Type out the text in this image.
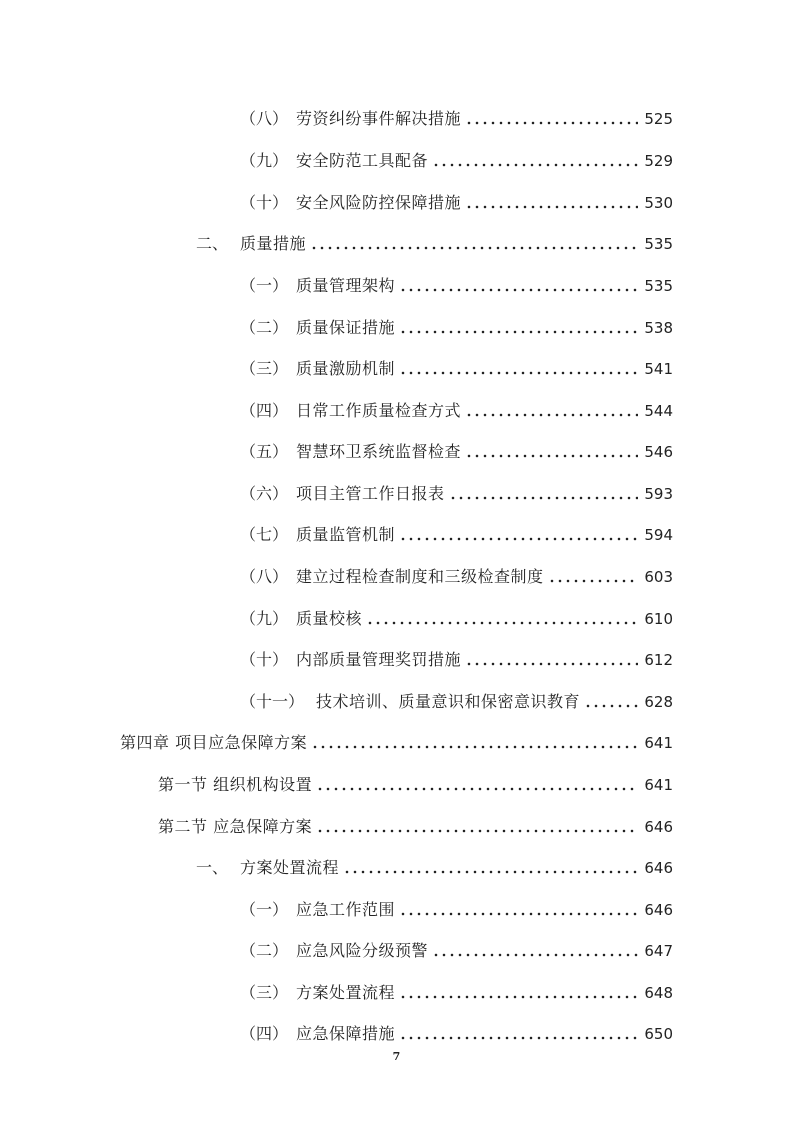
（八） 劳资纠纷事件解决措施	525
（九） 安全防范工具配备	529
（十） 安全风险防控保障措施	530
二、 质量措施	535
（一） 质量管理架构	535
（二） 质量保证措施	538
（三） 质量激励机制	541
（四） 日常工作质量检查方式	544
（五） 智慧环卫系统监督检查	546
（六） 项目主管工作日报表	593
（七） 质量监管机制	594
（八） 建立过程检查制度和三级检查制度	603
（九） 质量校核	610
（十） 内部质量管理奖罚措施	612
（十一） 技术培训、质量意识和保密意识教育	628
第四章 项目应急保障方案	641
第一节 组织机构设置	641
第二节 应急保障方案	646
一、 方案处置流程	646
（一） 应急工作范围	646
（二） 应急风险分级预警	647
（三） 方案处置流程	648
（四） 应急保障措施	650
7
